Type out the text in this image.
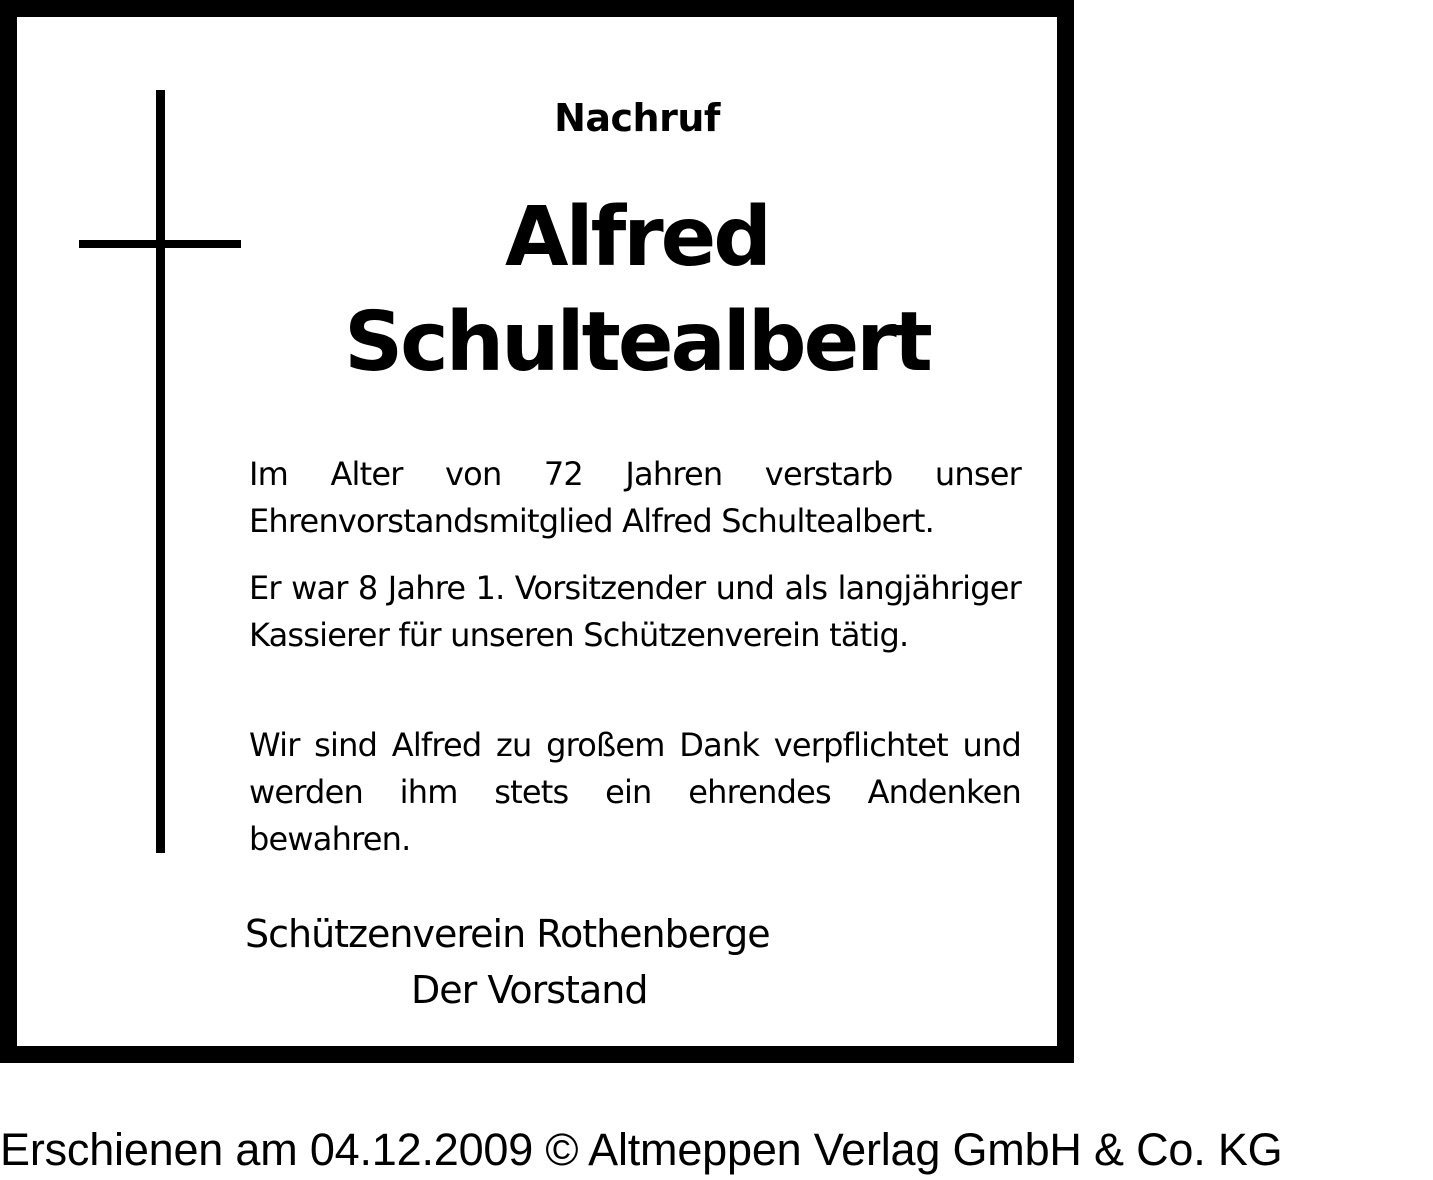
Nachruf
Alfred
Schultealbert
Im Alter von 72 Jahren verstarb unser Ehrenvorstandsmitglied Alfred Schultealbert.
Er war 8 Jahre 1. Vorsitzender und als langjähriger Kassierer für unseren Schützenverein tätig.
Wir sind Alfred zu großem Dank verpflichtet und werden ihm stets ein ehrendes Andenken bewahren.
Schützenverein Rothenberge
Der Vorstand
Erschienen am 04.12.2009 © Altmeppen Verlag GmbH & Co. KG
